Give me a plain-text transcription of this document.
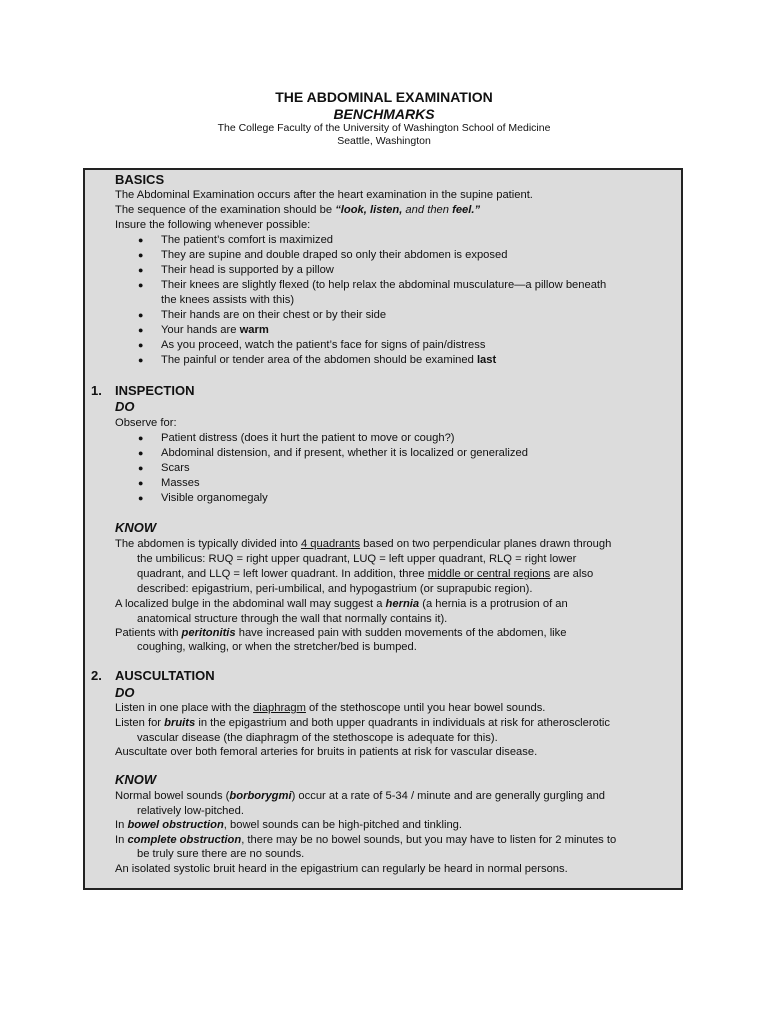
THE ABDOMINAL EXAMINATION
BENCHMARKS
The College Faculty of the University of Washington School of Medicine
Seattle, Washington
BASICS
The Abdominal Examination occurs after the heart examination in the supine patient.
The sequence of the examination should be “look, listen, and then feel.”
Insure the following whenever possible:
● The patient’s comfort is maximized
● They are supine and double draped so only their abdomen is exposed
● Their head is supported by a pillow
● Their knees are slightly flexed (to help relax the abdominal musculature—a pillow beneath
the knees assists with this)
● Their hands are on their chest or by their side
● Your hands are warm
● As you proceed, watch the patient’s face for signs of pain/distress
● The painful or tender area of the abdomen should be examined last
1. INSPECTION
DO
Observe for:
● Patient distress (does it hurt the patient to move or cough?)
● Abdominal distension, and if present, whether it is localized or generalized
● Scars
● Masses
● Visible organomegaly
KNOW
The abdomen is typically divided into 4 quadrants based on two perpendicular planes drawn through
the umbilicus: RUQ = right upper quadrant, LUQ = left upper quadrant, RLQ = right lower
quadrant, and LLQ = left lower quadrant. In addition, three middle or central regions are also
described: epigastrium, peri-umbilical, and hypogastrium (or suprapubic region).
A localized bulge in the abdominal wall may suggest a hernia (a hernia is a protrusion of an
anatomical structure through the wall that normally contains it).
Patients with peritonitis have increased pain with sudden movements of the abdomen, like
coughing, walking, or when the stretcher/bed is bumped.
2. AUSCULTATION
DO
Listen in one place with the diaphragm of the stethoscope until you hear bowel sounds.
Listen for bruits in the epigastrium and both upper quadrants in individuals at risk for atherosclerotic
vascular disease (the diaphragm of the stethoscope is adequate for this).
Auscultate over both femoral arteries for bruits in patients at risk for vascular disease.
KNOW
Normal bowel sounds (borborygmi) occur at a rate of 5-34 / minute and are generally gurgling and
relatively low-pitched.
In bowel obstruction, bowel sounds can be high-pitched and tinkling.
In complete obstruction, there may be no bowel sounds, but you may have to listen for 2 minutes to
be truly sure there are no sounds.
An isolated systolic bruit heard in the epigastrium can regularly be heard in normal persons.
